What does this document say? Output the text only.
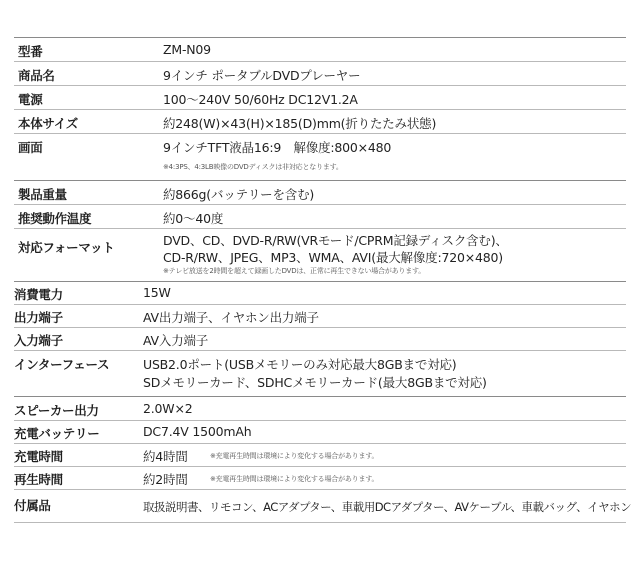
型番	ZM-N09
商品名	9インチ ポータブルDVDプレーヤー
電源	100〜240V 50/60Hz DC12V1.2A
本体サイズ	約248(W)×43(H)×185(D)mm(折りたたみ状態)
画面	9インチTFT液晶16:9　解像度:800×480
※4:3PS、4:3LB映像のDVDディスクは非対応となります。
製品重量	約866g(バッテリーを含む)
推奨動作温度	約0〜40度
対応フォーマット	DVD、CD、DVD-R/RW(VRモード/CPRM記録ディスク含む)、
CD-R/RW、JPEG、MP3、WMA、AVI(最大解像度:720×480)
※テレビ放送を2時間を超えて録画したDVDは、正常に再生できない場合があります。
消費電力	15W
出力端子	AV出力端子、イヤホン出力端子
入力端子	AV入力端子
インターフェース	USB2.0ポート(USBメモリーのみ対応最大8GBまで対応)
SDメモリーカード、SDHCメモリーカード(最大8GBまで対応)
スピーカー出力	2.0W×2
充電バッテリー	DC7.4V 1500mAh
充電時間	約4時間	※充電再生時間は環境により変化する場合があります。
再生時間	約2時間	※充電再生時間は環境により変化する場合があります。
付属品	取扱説明書、リモコン、ACアダプター、車載用DCアダプター、AVケーブル、車載バッグ、イヤホン
